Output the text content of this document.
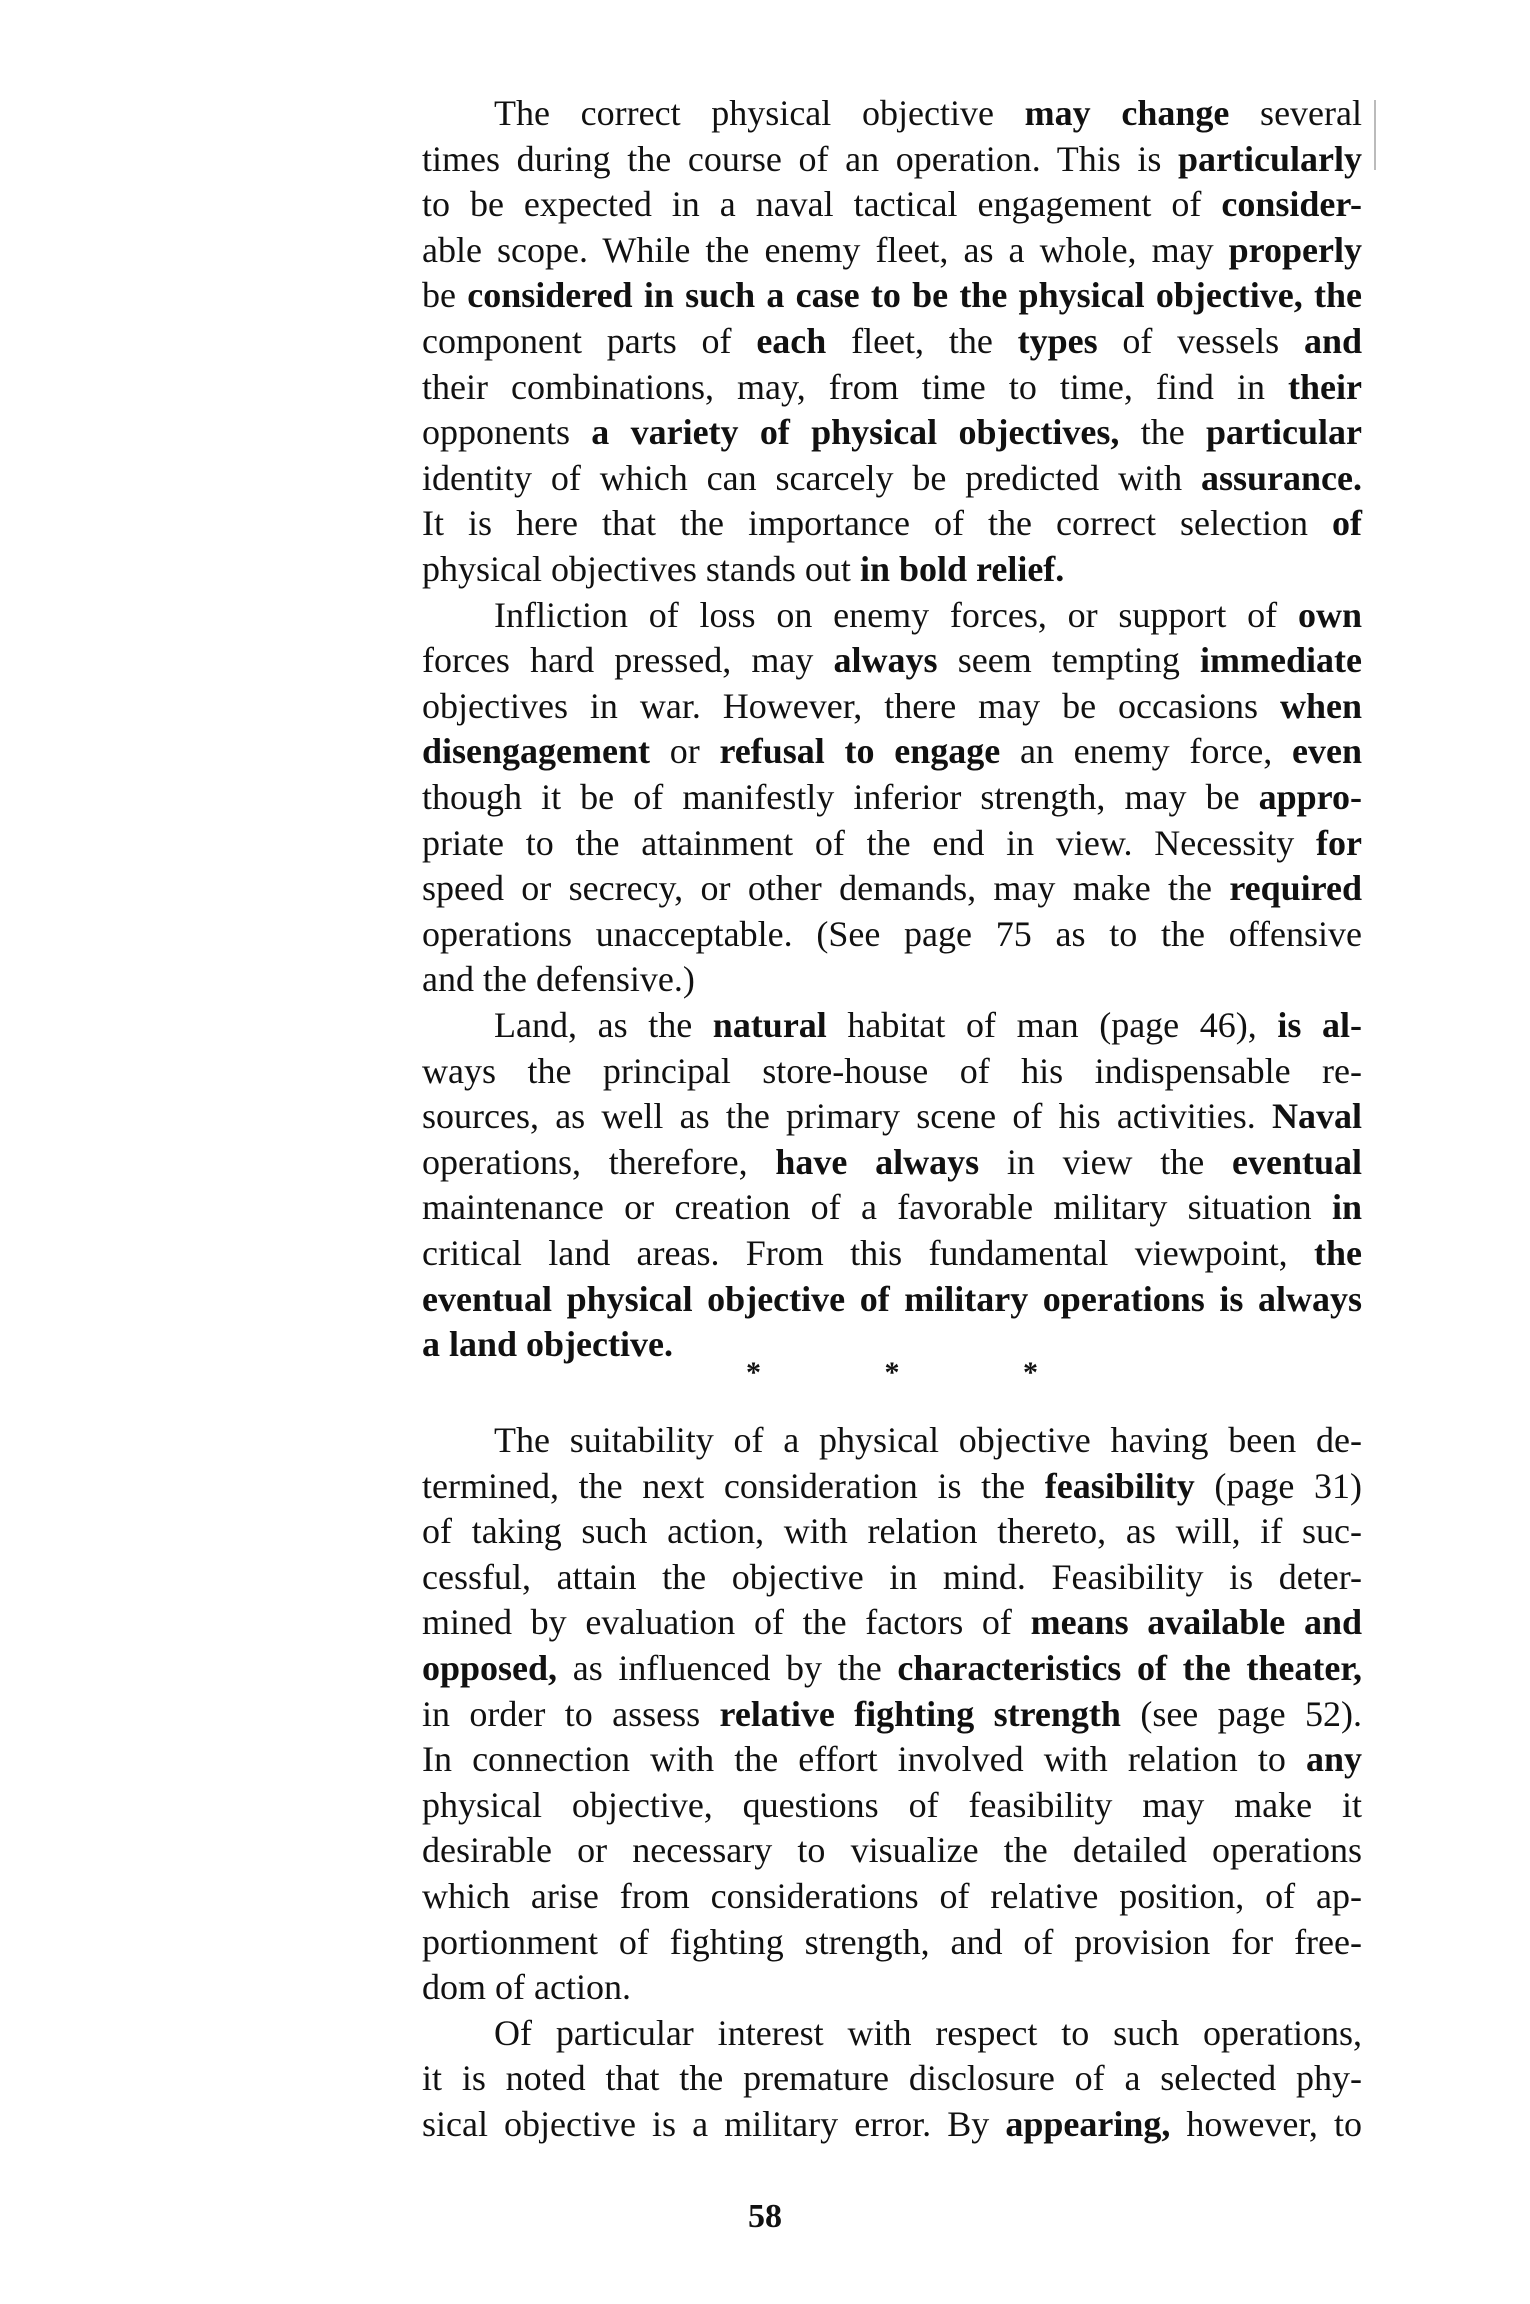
The correct physical objective may change several
times during the course of an operation. This is particularly
to be expected in a naval tactical engagement of consider-
able scope. While the enemy fleet, as a whole, may properly
be considered in such a case to be the physical objective, the
component parts of each fleet, the types of vessels and
their combinations, may, from time to time, find in their
opponents a variety of physical objectives, the particular
identity of which can scarcely be predicted with assurance.
It is here that the importance of the correct selection of
physical objectives stands out in bold relief.
Infliction of loss on enemy forces, or support of own
forces hard pressed, may always seem tempting immediate
objectives in war. However, there may be occasions when
disengagement or refusal to engage an enemy force, even
though it be of manifestly inferior strength, may be appro-
priate to the attainment of the end in view. Necessity for
speed or secrecy, or other demands, may make the required
operations unacceptable. (See page 75 as to the offensive
and the defensive.)
Land, as the natural habitat of man (page 46), is al-
ways the principal store-house of his indispensable re-
sources, as well as the primary scene of his activities. Naval
operations, therefore, have always in view the eventual
maintenance or creation of a favorable military situation in
critical land areas. From this fundamental viewpoint, the
eventual physical objective of military operations is always
a land objective.
*	*	*
The suitability of a physical objective having been de-
termined, the next consideration is the feasibility (page 31)
of taking such action, with relation thereto, as will, if suc-
cessful, attain the objective in mind. Feasibility is deter-
mined by evaluation of the factors of means available and
opposed, as influenced by the characteristics of the theater,
in order to assess relative fighting strength (see page 52).
In connection with the effort involved with relation to any
physical objective, questions of feasibility may make it
desirable or necessary to visualize the detailed operations
which arise from considerations of relative position, of ap-
portionment of fighting strength, and of provision for free-
dom of action.
Of particular interest with respect to such operations,
it is noted that the premature disclosure of a selected phy-
sical objective is a military error. By appearing, however, to
58
